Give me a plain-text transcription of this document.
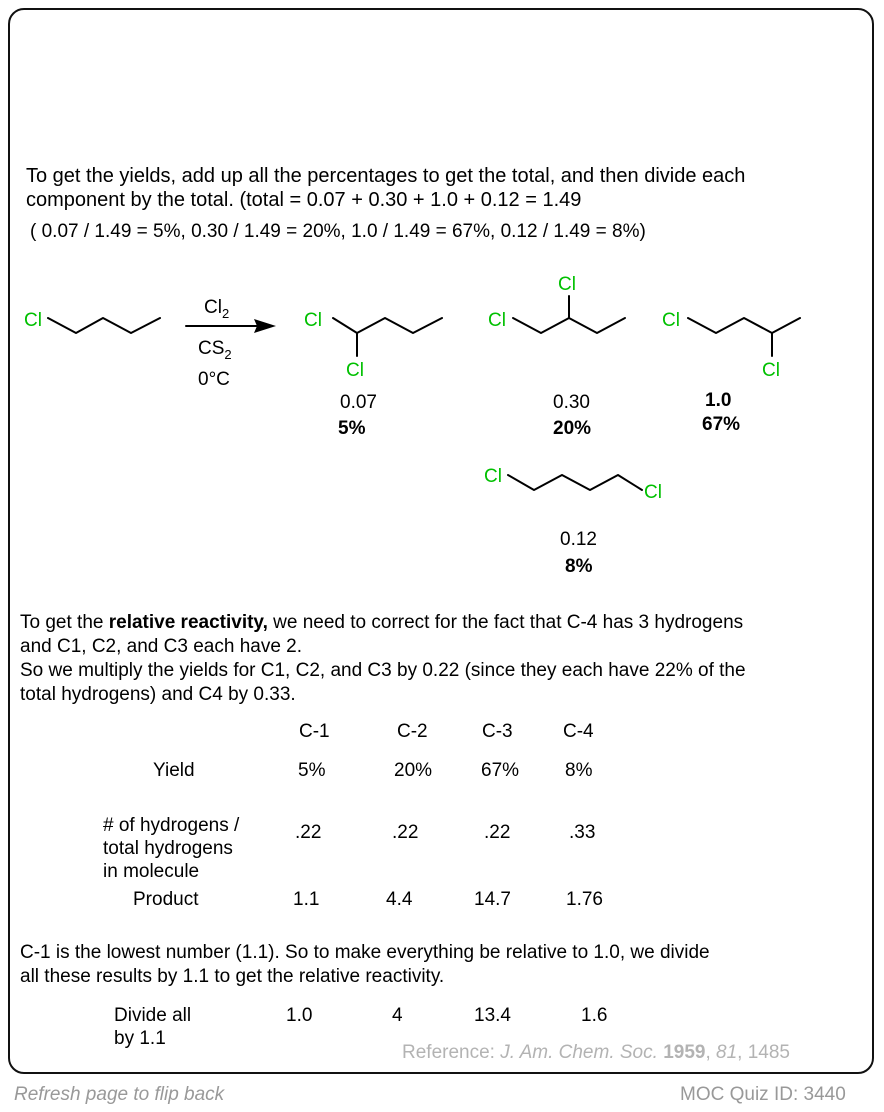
To get the yields, add up all the percentages to get the total, and then divide each
component by the total. (total = 0.07 + 0.30 + 1.0 + 0.12 = 1.49
( 0.07 / 1.49 = 5%, 0.30 / 1.49 = 20%, 1.0 / 1.49 = 67%, 0.12 / 1.49 = 8%)
Cl	Cl
Cl
Cl
Cl
Cl
Cl
Cl
Cl
$Cl_2$
$CS_2$
0°C
0.07
5%
0.30
20%
1.0
67%
0.12
8%
To get the relative reactivity, we need to correct for the fact that C-4 has 3 hydrogens
and C1, C2, and C3 each have 2.
So we multiply the yields for C1, C2, and C3 by 0.22 (since they each have 22% of the
total hydrogens) and C4 by 0.33.
C-1	C-2	C-3	C-4
Yield	5%	20%	67% 8%
# of hydrogens /
total hydrogens
in molecule
.22	.22	.22	.33
Product	1.1	4.4	14.7	1.76
C-1 is the lowest number (1.1). So to make everything be relative to 1.0, we divide
all these results by 1.1 to get the relative reactivity.
Divide all
by 1.1
1.0	4	13.4	1.6
Reference: J. Am. Chem. Soc. 1959, 81, 1485
Refresh page to flip back	MOC Quiz ID: 3440
